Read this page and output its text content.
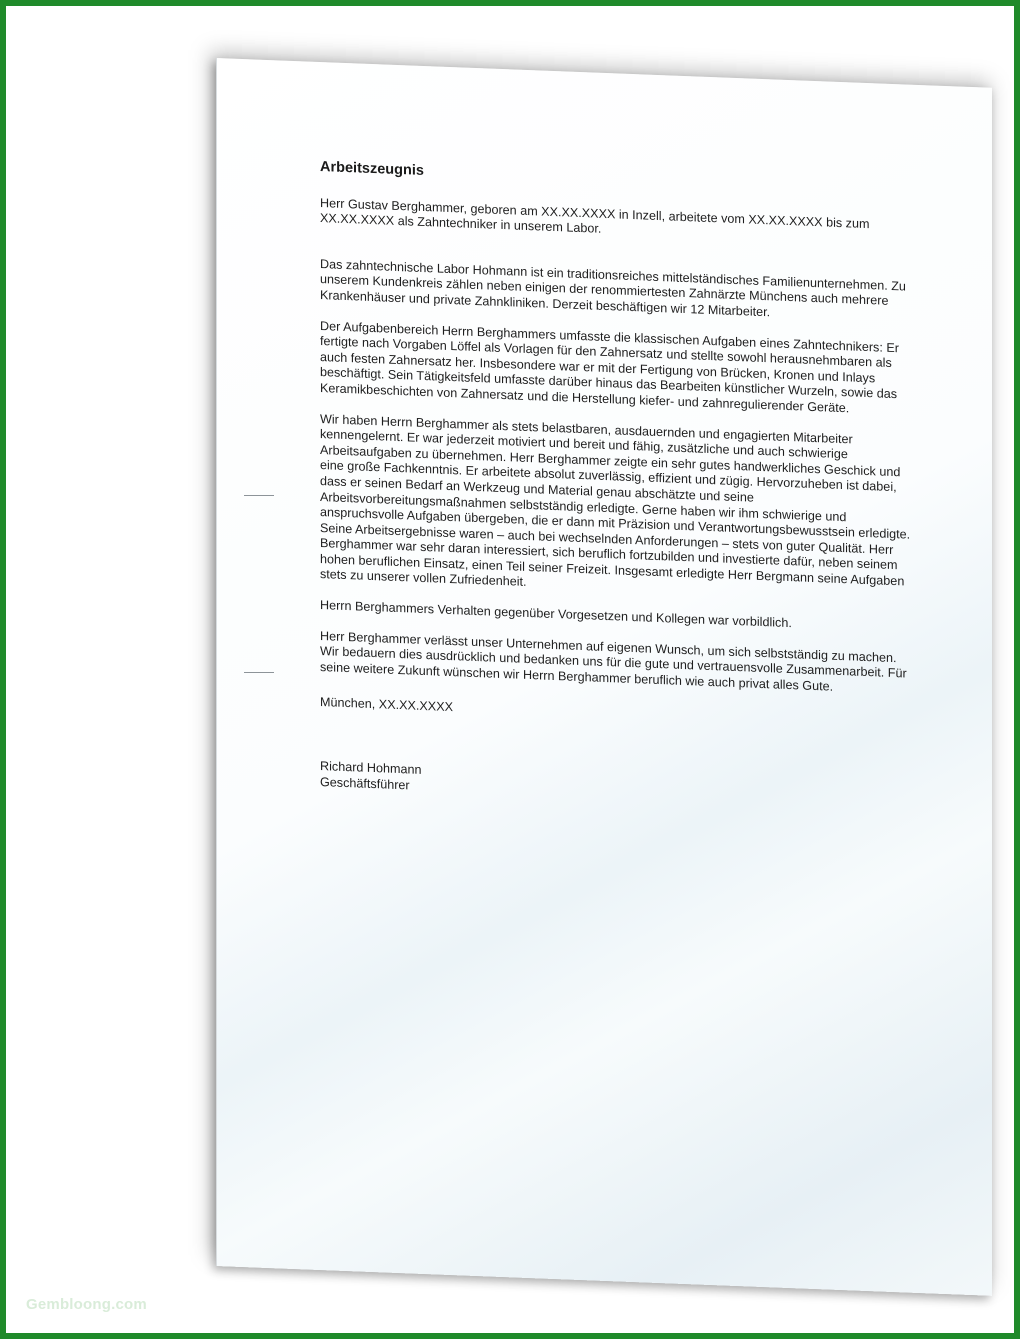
Arbeitszeugnis

Herr Gustav Berghammer, geboren am XX.XX.XXXX in Inzell, arbeitete vom XX.XX.XXXX bis zum XX.XX.XXXX als Zahntechniker in unserem Labor.

Das zahntechnische Labor Hohmann ist ein traditionsreiches mittelständisches Familienunternehmen. Zu unserem Kundenkreis zählen neben einigen der renommiertesten Zahnärzte Münchens auch mehrere Krankenhäuser und private Zahnkliniken. Derzeit beschäftigen wir 12 Mitarbeiter.

Der Aufgabenbereich Herrn Berghammers umfasste die klassischen Aufgaben eines Zahntechnikers: Er fertigte nach Vorgaben Löffel als Vorlagen für den Zahnersatz und stellte sowohl herausnehmbaren als auch festen Zahnersatz her. Insbesondere war er mit der Fertigung von Brücken, Kronen und Inlays beschäftigt. Sein Tätigkeitsfeld umfasste darüber hinaus das Bearbeiten künstlicher Wurzeln, sowie das Keramikbeschichten von Zahnersatz und die Herstellung kiefer- und zahnregulierender Geräte.

Wir haben Herrn Berghammer als stets belastbaren, ausdauernden und engagierten Mitarbeiter kennengelernt. Er war jederzeit motiviert und bereit und fähig, zusätzliche und auch schwierige Arbeitsaufgaben zu übernehmen. Herr Berghammer zeigte ein sehr gutes handwerkliches Geschick und eine große Fachkenntnis. Er arbeitete absolut zuverlässig, effizient und zügig. Hervorzuheben ist dabei, dass er seinen Bedarf an Werkzeug und Material genau abschätzte und seine Arbeitsvorbereitungsmaßnahmen selbstständig erledigte. Gerne haben wir ihm schwierige und anspruchsvolle Aufgaben übergeben, die er dann mit Präzision und Verantwortungsbewusstsein erledigte. Seine Arbeitsergebnisse waren – auch bei wechselnden Anforderungen – stets von guter Qualität. Herr Berghammer war sehr daran interessiert, sich beruflich fortzubilden und investierte dafür, neben seinem hohen beruflichen Einsatz, einen Teil seiner Freizeit. Insgesamt erledigte Herr Bergmann seine Aufgaben stets zu unserer vollen Zufriedenheit.

Herrn Berghammers Verhalten gegenüber Vorgesetzen und Kollegen war vorbildlich.

Herr Berghammer verlässt unser Unternehmen auf eigenen Wunsch, um sich selbstständig zu machen. Wir bedauern dies ausdrücklich und bedanken uns für die gute und vertrauensvolle Zusammenarbeit. Für seine weitere Zukunft wünschen wir Herrn Berghammer beruflich wie auch privat alles Gute.

München, XX.XX.XXXX

Richard Hohmann

Geschäftsführer

Gembloong.com
